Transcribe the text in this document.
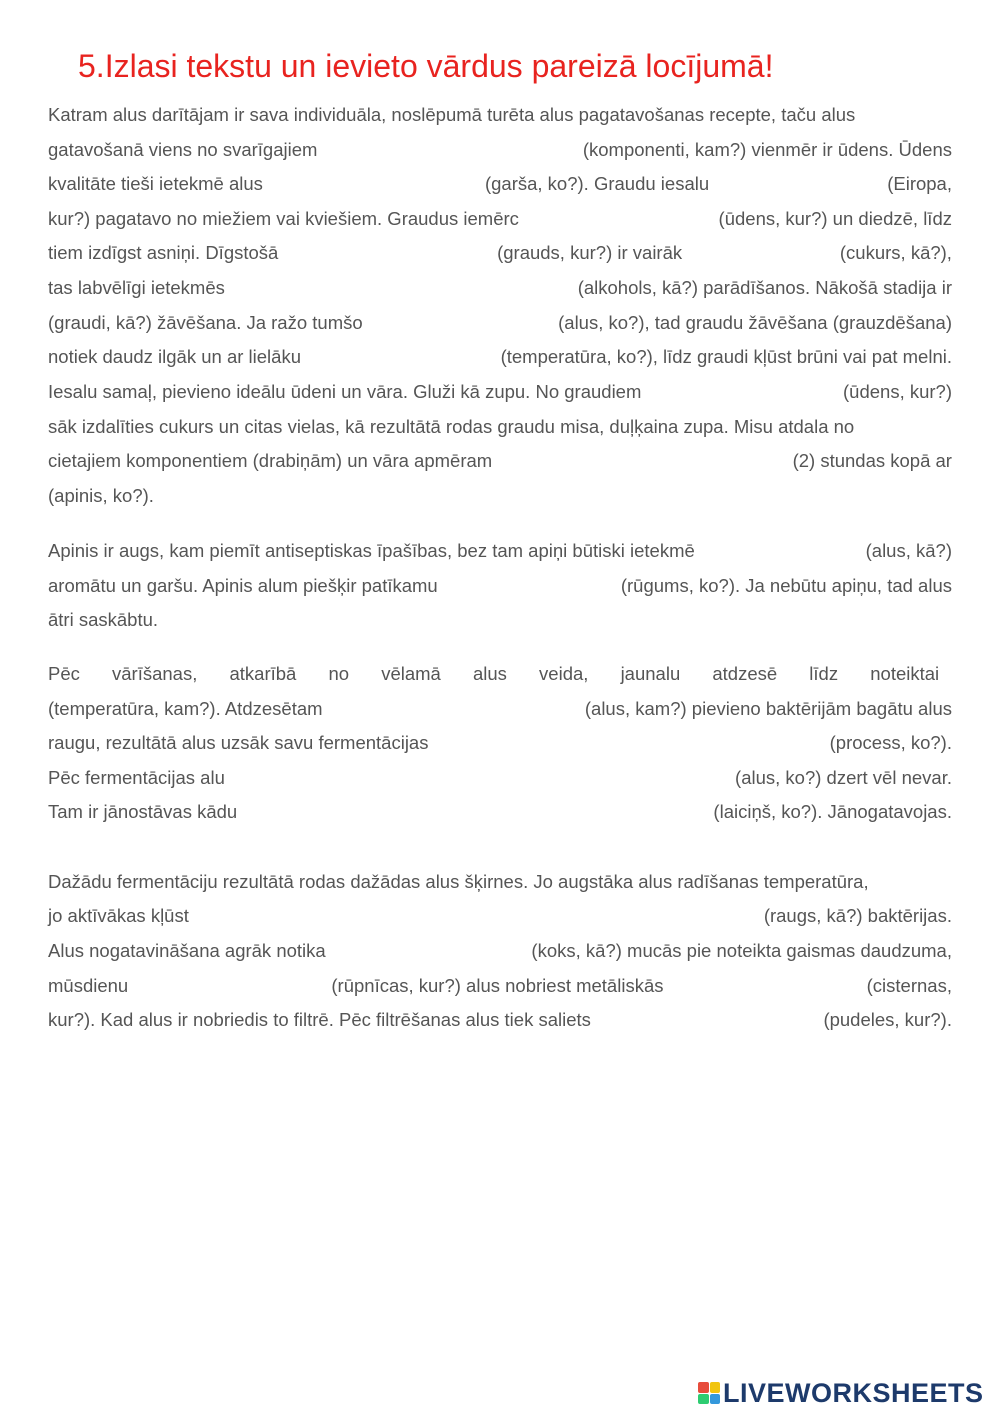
5.Izlasi tekstu un ievieto vārdus pareizā locījumā!
Katram alus darītājam ir sava individuāla, noslēpumā turēta alus pagatavošanas recepte, taču alus
gatavošanā viens no svarīgajiem	(komponenti, kam?) vienmēr ir ūdens. Ūdens
kvalitāte tieši ietekmē alus	(garša, ko?). Graudu iesalu	(Eiropa,
kur?) pagatavo no miežiem vai kviešiem. Graudus iemērc	(ūdens, kur?) un diedzē, līdz
tiem izdīgst asniņi. Dīgstošā	(grauds, kur?) ir vairāk	(cukurs, kā?),
tas labvēlīgi ietekmēs	(alkohols, kā?) parādīšanos. Nākošā stadija ir
(graudi, kā?) žāvēšana. Ja ražo tumšo	(alus, ko?), tad graudu žāvēšana (grauzdēšana)
notiek daudz ilgāk un ar lielāku	(temperatūra, ko?), līdz graudi kļūst brūni vai pat melni.
Iesalu samaļ, pievieno ideālu ūdeni un vāra. Gluži kā zupu. No graudiem	(ūdens, kur?)
sāk izdalīties cukurs un citas vielas, kā rezultātā rodas graudu misa, duļķaina zupa. Misu atdala no
cietajiem komponentiem (drabiņām) un vāra apmēram	(2) stundas kopā ar
(apinis, ko?).
Apinis ir augs, kam piemīt antiseptiskas īpašības, bez tam apiņi būtiski ietekmē	(alus, kā?)
aromātu un garšu. Apinis alum piešķir patīkamu	(rūgums, ko?). Ja nebūtu apiņu, tad alus
ātri saskābtu.
Pēc vārīšanas, atkarībā no vēlamā alus veida, jaunalu atdzesē līdz noteiktai
(temperatūra, kam?). Atdzesētam	(alus, kam?) pievieno baktērijām bagātu alus
raugu, rezultātā alus uzsāk savu fermentācijas	(process, ko?).
Pēc fermentācijas alu	(alus, ko?) dzert vēl nevar.
Tam ir jānostāvas kādu	(laiciņš, ko?). Jānogatavojas.
Dažādu fermentāciju rezultātā rodas dažādas alus šķirnes. Jo augstāka alus radīšanas temperatūra,
jo aktīvākas kļūst	(raugs, kā?) baktērijas.
Alus nogatavināšana agrāk notika	(koks, kā?) mucās pie noteikta gaismas daudzuma,
mūsdienu	(rūpnīcas, kur?) alus nobriest metāliskās	(cisternas,
kur?). Kad alus ir nobriedis to filtrē. Pēc filtrēšanas alus tiek saliets	(pudeles, kur?).
LIVEWORKSHEETS
